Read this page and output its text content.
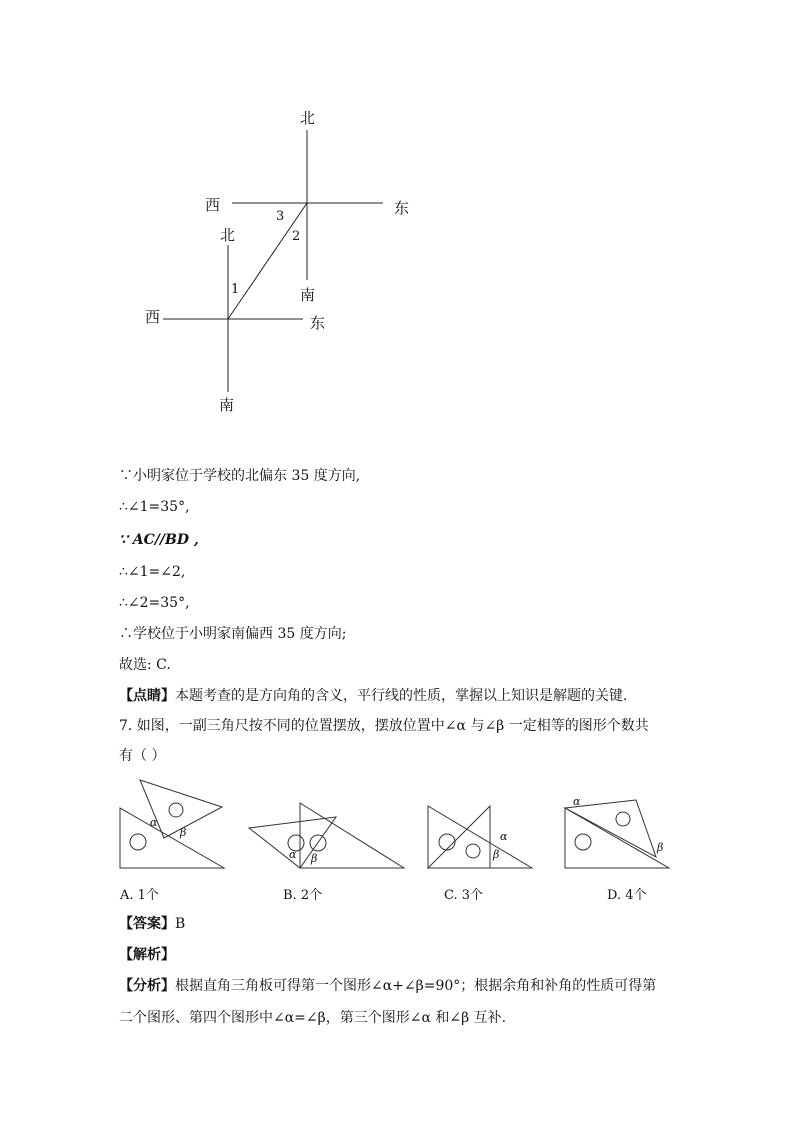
北
西	东
南
北
西	东
南
1
2
3
∵小明家位于学校的北偏东 35 度方向,
∴∠1=35°,
∵ AC//BD ,
∴∠1=∠2,
∴∠2=35°,
∴学校位于小明家南偏西 35 度方向;
故选: C.
【点睛】本题考查的是方向角的含义，平行线的性质，掌握以上知识是解题的关键.
7. 如图，一副三角尺按不同的位置摆放，摆放位置中∠α 与∠β 一定相等的图形个数共
有（ ）
α
β
α β
α
β
α
β
A. 1个	B. 2个	C. 3个	D. 4个
【答案】B
【解析】
【分析】根据直角三角板可得第一个图形∠α+∠β=90°；根据余角和补角的性质可得第
二个图形、第四个图形中∠α=∠β，第三个图形∠α 和∠β 互补.
